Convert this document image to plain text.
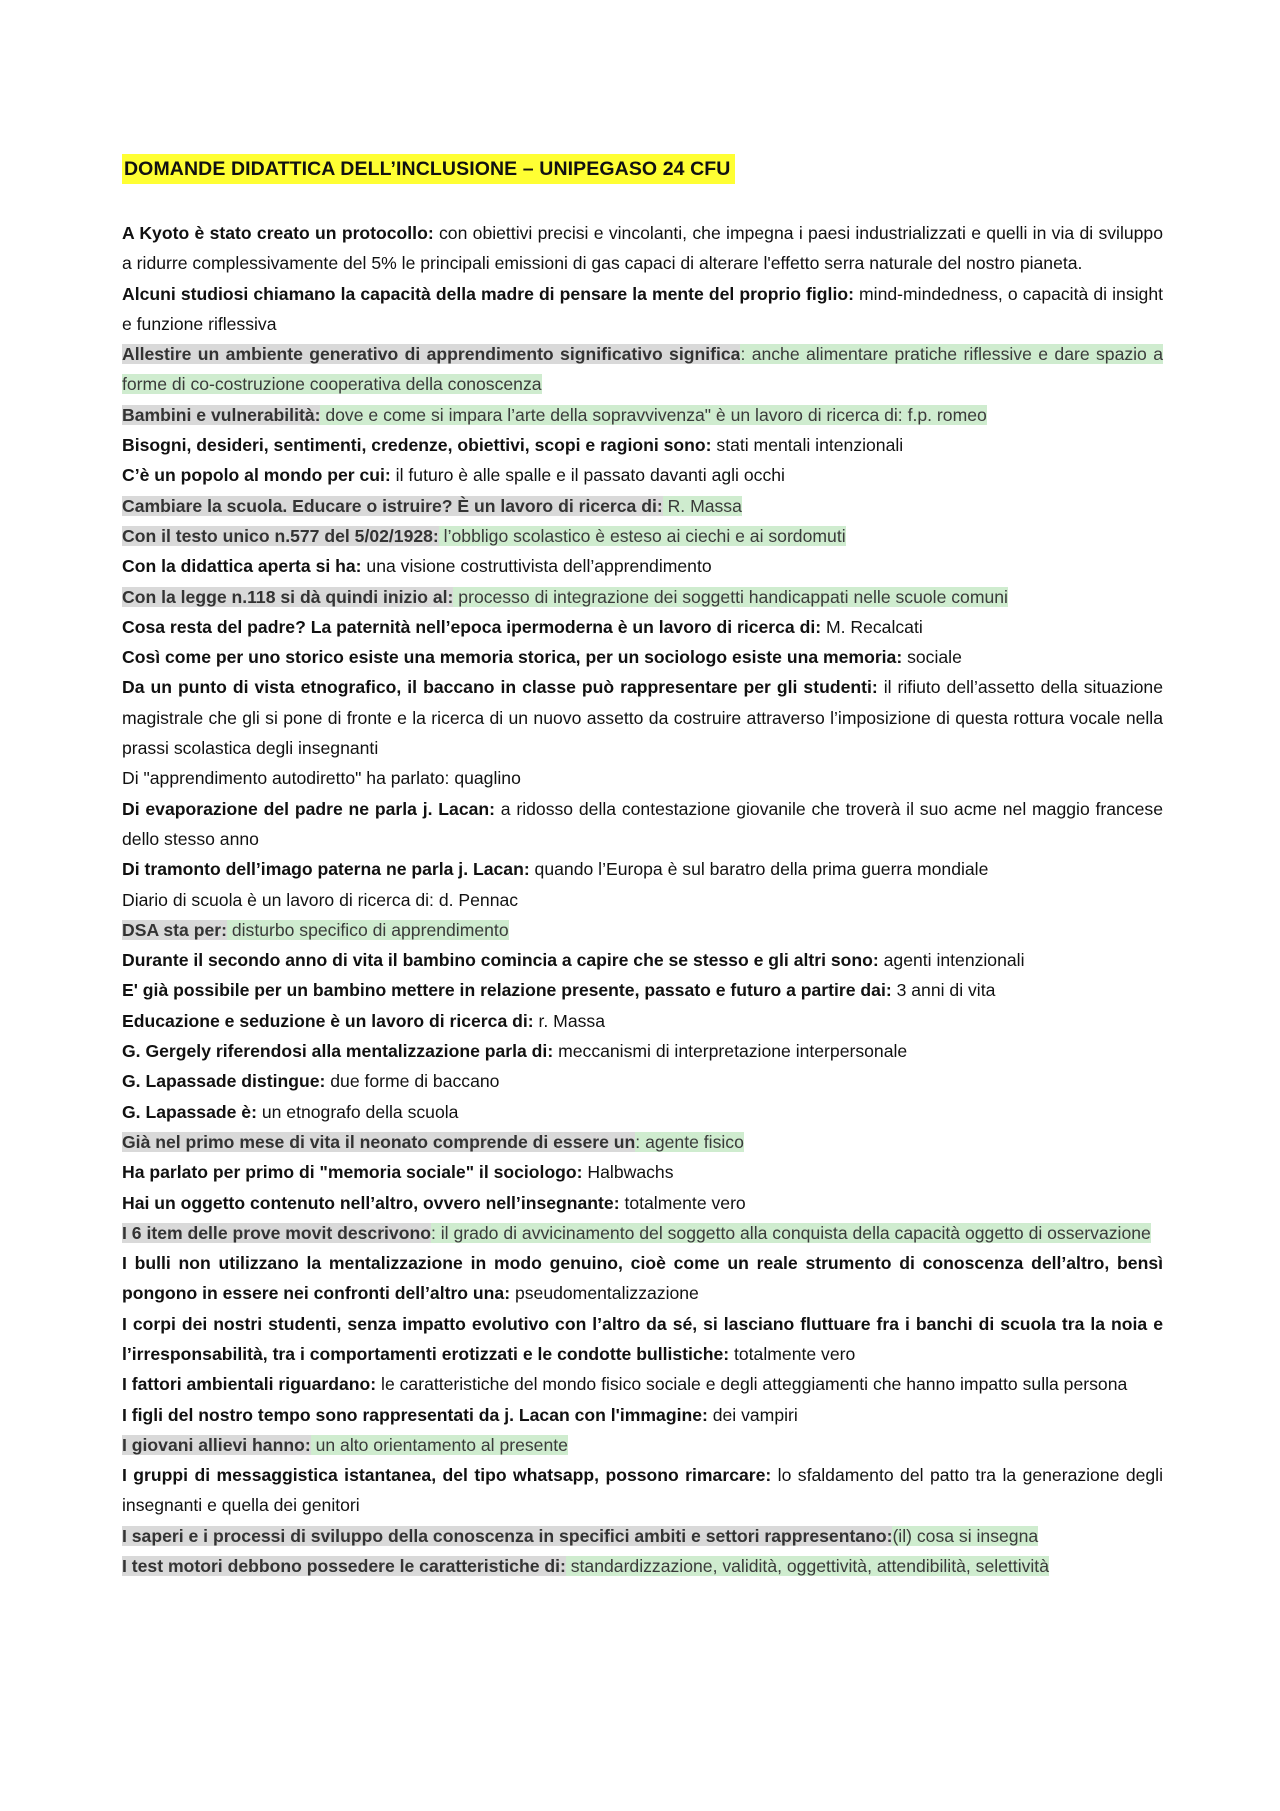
DOMANDE DIDATTICA DELL’INCLUSIONE – UNIPEGASO 24 CFU

A Kyoto è stato creato un protocollo: con obiettivi precisi e vincolanti, che impegna i paesi industrializzati e quelli in via di sviluppo a ridurre complessivamente del 5% le principali emissioni di gas capaci di alterare l'effetto serra naturale del nostro pianeta.

Alcuni studiosi chiamano la capacità della madre di pensare la mente del proprio figlio: mind-mindedness, o capacità di insight e funzione riflessiva

Allestire un ambiente generativo di apprendimento significativo significa: anche alimentare pratiche riflessive e dare spazio a forme di co-costruzione cooperativa della conoscenza

Bambini e vulnerabilità: dove e come si impara l’arte della sopravvivenza" è un lavoro di ricerca di: f.p. romeo

Bisogni, desideri, sentimenti, credenze, obiettivi, scopi e ragioni sono: stati mentali intenzionali

C’è un popolo al mondo per cui: il futuro è alle spalle e il passato davanti agli occhi

Cambiare la scuola. Educare o istruire? È un lavoro di ricerca di: R. Massa

Con il testo unico n.577 del 5/02/1928: l’obbligo scolastico è esteso ai ciechi e ai sordomuti

Con la didattica aperta si ha: una visione costruttivista dell’apprendimento

Con la legge n.118 si dà quindi inizio al: processo di integrazione dei soggetti handicappati nelle scuole comuni

Cosa resta del padre? La paternità nell’epoca ipermoderna è un lavoro di ricerca di: M. Recalcati

Così come per uno storico esiste una memoria storica, per un sociologo esiste una memoria: sociale

Da un punto di vista etnografico, il baccano in classe può rappresentare per gli studenti: il rifiuto dell’assetto della situazione magistrale che gli si pone di fronte e la ricerca di un nuovo assetto da costruire attraverso l’imposizione di questa rottura vocale nella prassi scolastica degli insegnanti

Di "apprendimento autodiretto" ha parlato: quaglino

Di evaporazione del padre ne parla j. Lacan: a ridosso della contestazione giovanile che troverà il suo acme nel maggio francese dello stesso anno

Di tramonto dell’imago paterna ne parla j. Lacan: quando l’Europa è sul baratro della prima guerra mondiale

Diario di scuola è un lavoro di ricerca di: d. Pennac

DSA sta per: disturbo specifico di apprendimento

Durante il secondo anno di vita il bambino comincia a capire che se stesso e gli altri sono: agenti intenzionali

E' già possibile per un bambino mettere in relazione presente, passato e futuro a partire dai: 3 anni di vita

Educazione e seduzione è un lavoro di ricerca di: r. Massa

G. Gergely riferendosi alla mentalizzazione parla di: meccanismi di interpretazione interpersonale

G. Lapassade distingue: due forme di baccano

G. Lapassade è: un etnografo della scuola

Già nel primo mese di vita il neonato comprende di essere un: agente fisico

Ha parlato per primo di "memoria sociale" il sociologo: Halbwachs

Hai un oggetto contenuto nell’altro, ovvero nell’insegnante: totalmente vero

I 6 item delle prove movit descrivono: il grado di avvicinamento del soggetto alla conquista della capacità oggetto di osservazione

I bulli non utilizzano la mentalizzazione in modo genuino, cioè come un reale strumento di conoscenza dell’altro, bensì pongono in essere nei confronti dell’altro una: pseudomentalizzazione

I corpi dei nostri studenti, senza impatto evolutivo con l’altro da sé, si lasciano fluttuare fra i banchi di scuola tra la noia e l’irresponsabilità, tra i comportamenti erotizzati e le condotte bullistiche: totalmente vero

I fattori ambientali riguardano: le caratteristiche del mondo fisico sociale e degli atteggiamenti che hanno impatto sulla persona

I figli del nostro tempo sono rappresentati da j. Lacan con l'immagine: dei vampiri

I giovani allievi hanno: un alto orientamento al presente

I gruppi di messaggistica istantanea, del tipo whatsapp, possono rimarcare: lo sfaldamento del patto tra la generazione degli insegnanti e quella dei genitori

I saperi e i processi di sviluppo della conoscenza in specifici ambiti e settori rappresentano:(il) cosa si insegna

I test motori debbono possedere le caratteristiche di: standardizzazione, validità, oggettività, attendibilità, selettività
